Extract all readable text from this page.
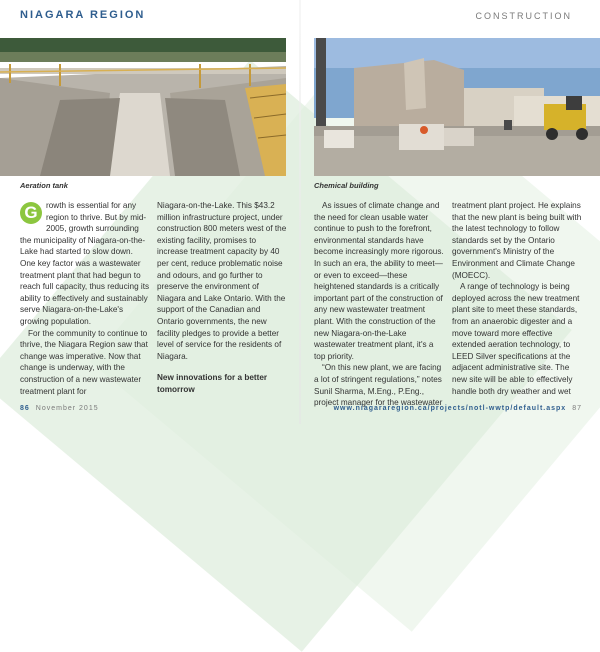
NIAGARA REGION	CONSTRUCTION
Aeration tank	Chemical building

G	rowth is essential for any region to thrive. But by mid-2005, growth surrounding the municipality of Niagara-on-the-Lake had started to slow down. One key factor was a wastewater treatment plant that had begun to reach full capacity, thus reducing its ability to effectively and sustainably serve Niagara-on-the-Lake's growing population.

For the community to continue to thrive, the Niagara Region saw that change was imperative. Now that change is underway, with the construction of a new wastewater treatment plant for

Niagara-on-the-Lake. This $43.2 million infrastructure project, under construction 800 meters west of the existing facility, promises to increase treatment capacity by 40 per cent, reduce problematic noise and odours, and go further to preserve the environment of Niagara and Lake Ontario. With the support of the Canadian and Ontario governments, the new facility pledges to provide a better level of service for the residents of Niagara.

New innovations for a better tomorrow

As issues of climate change and the need for clean usable water continue to push to the forefront, environmental standards have become increasingly more rigorous. In such an era, the ability to meet—or even to exceed—these heightened standards is a critically important part of the construction of any new wastewater treatment plant. With the construction of the new Niagara-on-the-Lake wastewater treatment plant, it's a top priority.

“On this new plant, we are facing a lot of stringent regulations,” notes Sunil Sharma, M.Eng., P.Eng., project manager for the wastewater

treatment plant project. He explains that the new plant is being built with the latest technology to follow standards set by the Ontario government's Ministry of the Environment and Climate Change (MOECC).

A range of technology is being deployed across the new treatment plant site to meet these standards, from an anaerobic digester and a move toward more effective extended aeration technology, to LEED Silver specifications at the adjacent administrative site. The new site will be able to effectively handle both dry weather and wet

86 November 2015	www.niagararegion.ca/projects/notl-wwtp/default.aspx 87
